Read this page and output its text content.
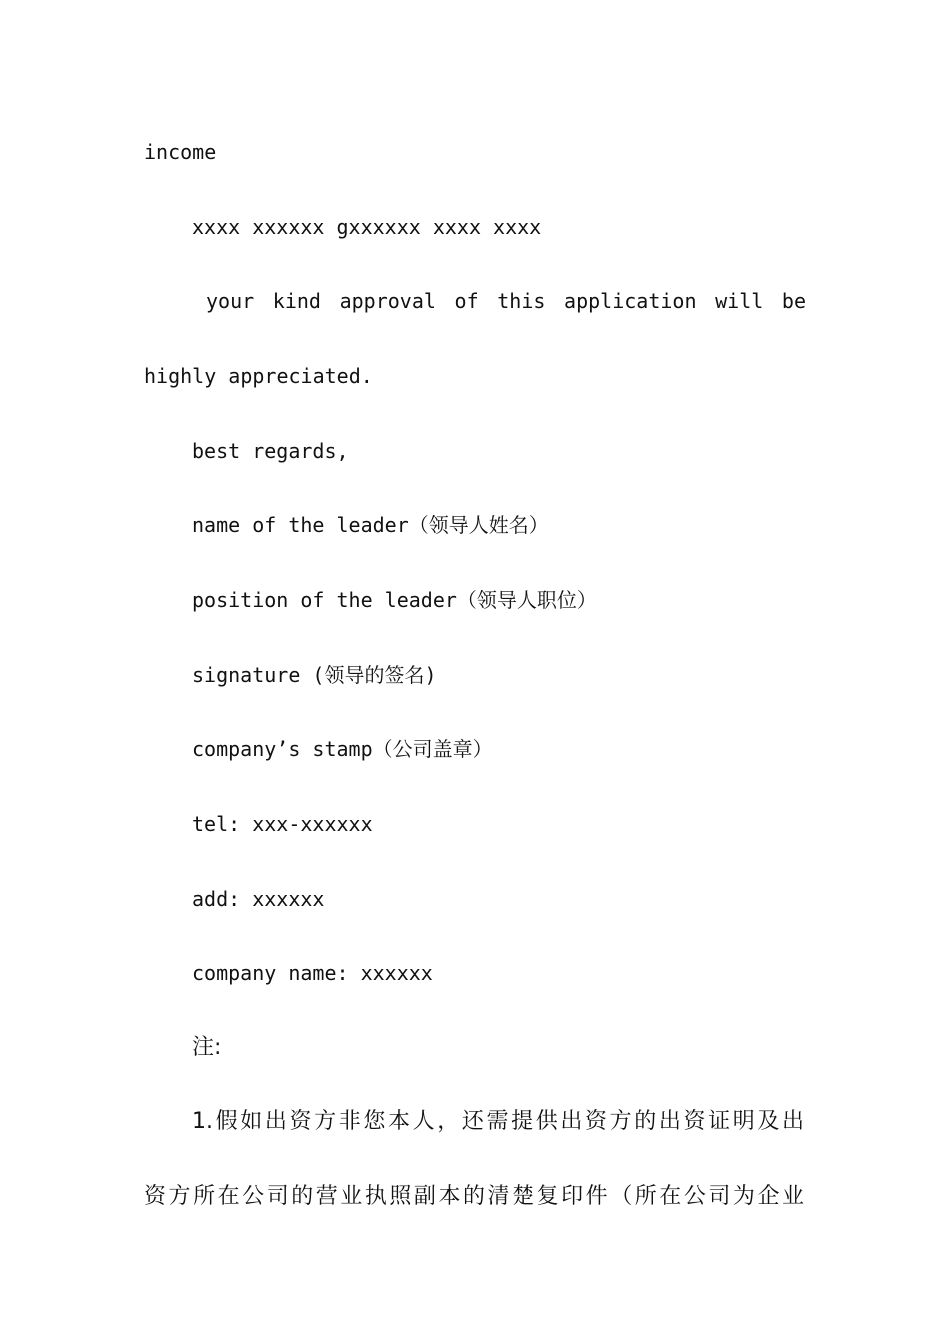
income

xxxx xxxxxx gxxxxxx xxxx xxxx

your kind approval of this application will be

highly appreciated.

best regards,

name of the leader（领导人姓名）

position of the leader（领导人职位）

signature (领导的签名)

company’s stamp（公司盖章）

tel: xxx-xxxxxx

add: xxxxxx

company name: xxxxxx

注:

1.假如出资方非您本人，还需提供出资方的出资证明及出

资方所在公司的营业执照副本的清楚复印件（所在公司为企业
